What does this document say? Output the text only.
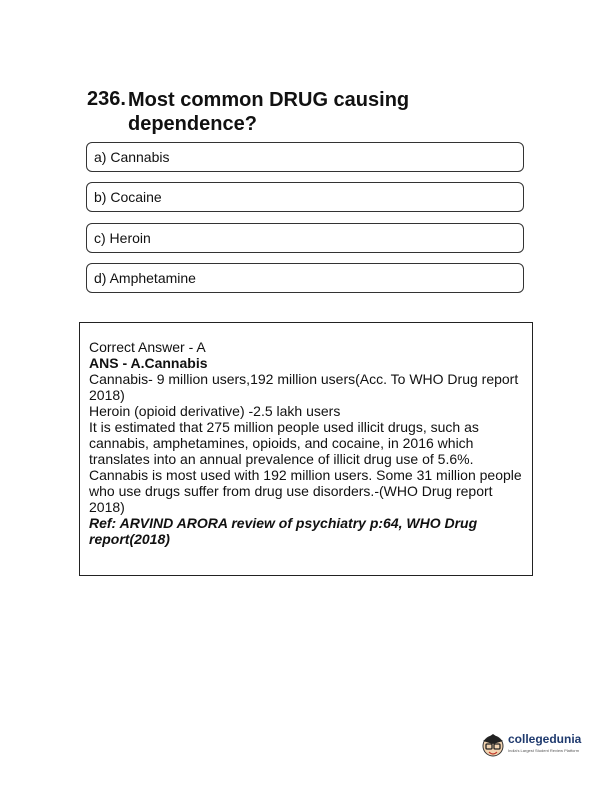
236. Most common DRUG causing dependence?
a) Cannabis
b) Cocaine
c) Heroin
d) Amphetamine

Correct Answer - A

ANS - A.Cannabis

Cannabis- 9 million users,192 million users(Acc. To WHO Drug report 2018)

Heroin (opioid derivative) -2.5 lakh users

It is estimated that 275 million people used illicit drugs, such as cannabis, amphetamines, opioids, and cocaine, in 2016 which translates into an annual prevalence of illicit drug use of 5.6%.

Cannabis is most used with 192 million users. Some 31 million people who use drugs suffer from drug use disorders.-(WHO Drug report 2018)

Ref: ARVIND ARORA review of psychiatry p:64, WHO Drug report(2018)

collegedunia
India's Largest Student Review Platform
